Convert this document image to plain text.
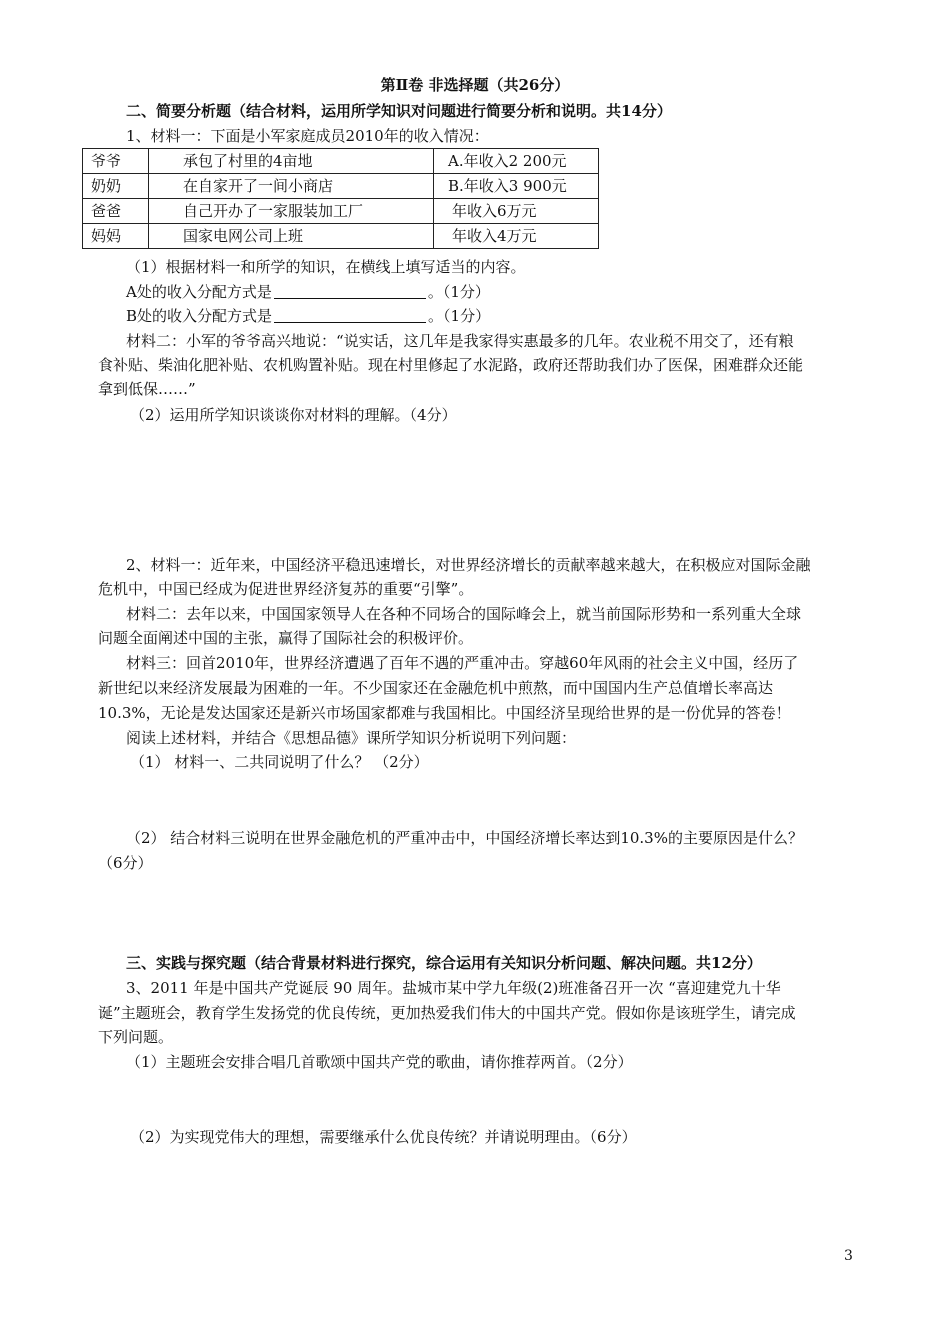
第Ⅱ卷 非选择题（共26分）
二、简要分析题（结合材料，运用所学知识对问题进行简要分析和说明。共14分）
1、材料一：下面是小军家庭成员2010年的收入情况：
爷爷	承包了村里的4亩地	A.年收入2 200元
奶奶	在自家开了一间小商店	B.年收入3 900元
爸爸	自己开办了一家服装加工厂	年收入6万元
妈妈	国家电网公司上班	年收入4万元
（1）根据材料一和所学的知识，在横线上填写适当的内容。
A处的收入分配方式是	。（1分）
B处的收入分配方式是	。（1分）
材料二：小军的爷爷高兴地说：“说实话，这几年是我家得实惠最多的几年。农业税不用交了，还有粮
食补贴、柴油化肥补贴、农机购置补贴。现在村里修起了水泥路，政府还帮助我们办了医保，困难群众还能
拿到低保……”
（2）运用所学知识谈谈你对材料的理解。（4分）
2、材料一：近年来，中国经济平稳迅速增长，对世界经济增长的贡献率越来越大，在积极应对国际金融
危机中，中国已经成为促进世界经济复苏的重要“引擎”。
材料二：去年以来，中国国家领导人在各种不同场合的国际峰会上，就当前国际形势和一系列重大全球
问题全面阐述中国的主张，赢得了国际社会的积极评价。
材料三：回首2010年，世界经济遭遇了百年不遇的严重冲击。穿越60年风雨的社会主义中国，经历了
新世纪以来经济发展最为困难的一年。不少国家还在金融危机中煎熬，而中国国内生产总值增长率高达
10.3%，无论是发达国家还是新兴市场国家都难与我国相比。中国经济呈现给世界的是一份优异的答卷！
阅读上述材料，并结合《思想品德》课所学知识分析说明下列问题：
（1） 材料一、二共同说明了什么？ （2分）
（2） 结合材料三说明在世界金融危机的严重冲击中，中国经济增长率达到10.3%的主要原因是什么？
（6分）
三、实践与探究题（结合背景材料进行探究，综合运用有关知识分析问题、解决问题。共12分）
3、2011 年是中国共产党诞辰 90 周年。盐城市某中学九年级(2)班准备召开一次 “喜迎建党九十华
诞”主题班会，教育学生发扬党的优良传统，更加热爱我们伟大的中国共产党。假如你是该班学生，请完成
下列问题。
（1）主题班会安排合唱几首歌颂中国共产党的歌曲，请你推荐两首。（2分）
（2）为实现党伟大的理想，需要继承什么优良传统？并请说明理由。（6分）
3
